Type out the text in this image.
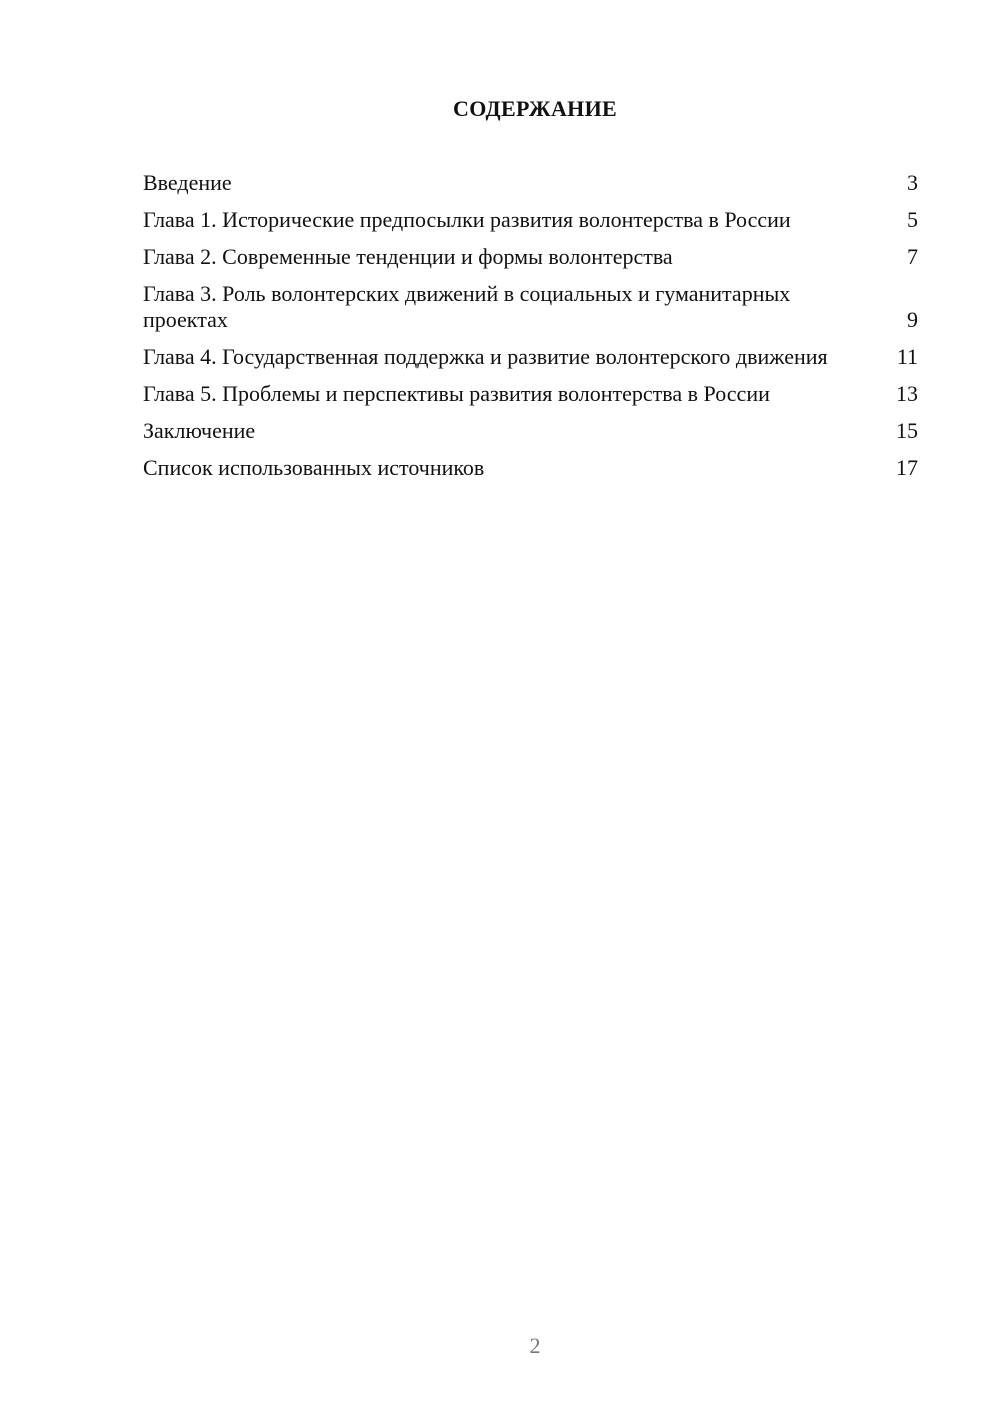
СОДЕРЖАНИЕ
Введение	3
Глава 1. Исторические предпосылки развития волонтерства в России	5
Глава 2. Современные тенденции и формы волонтерства	7
Глава 3. Роль волонтерских движений в социальных и гуманитарных проектах	9
Глава 4. Государственная поддержка и развитие волонтерского движения	11
Глава 5. Проблемы и перспективы развития волонтерства в России	13
Заключение	15
Список использованных источников	17
2
